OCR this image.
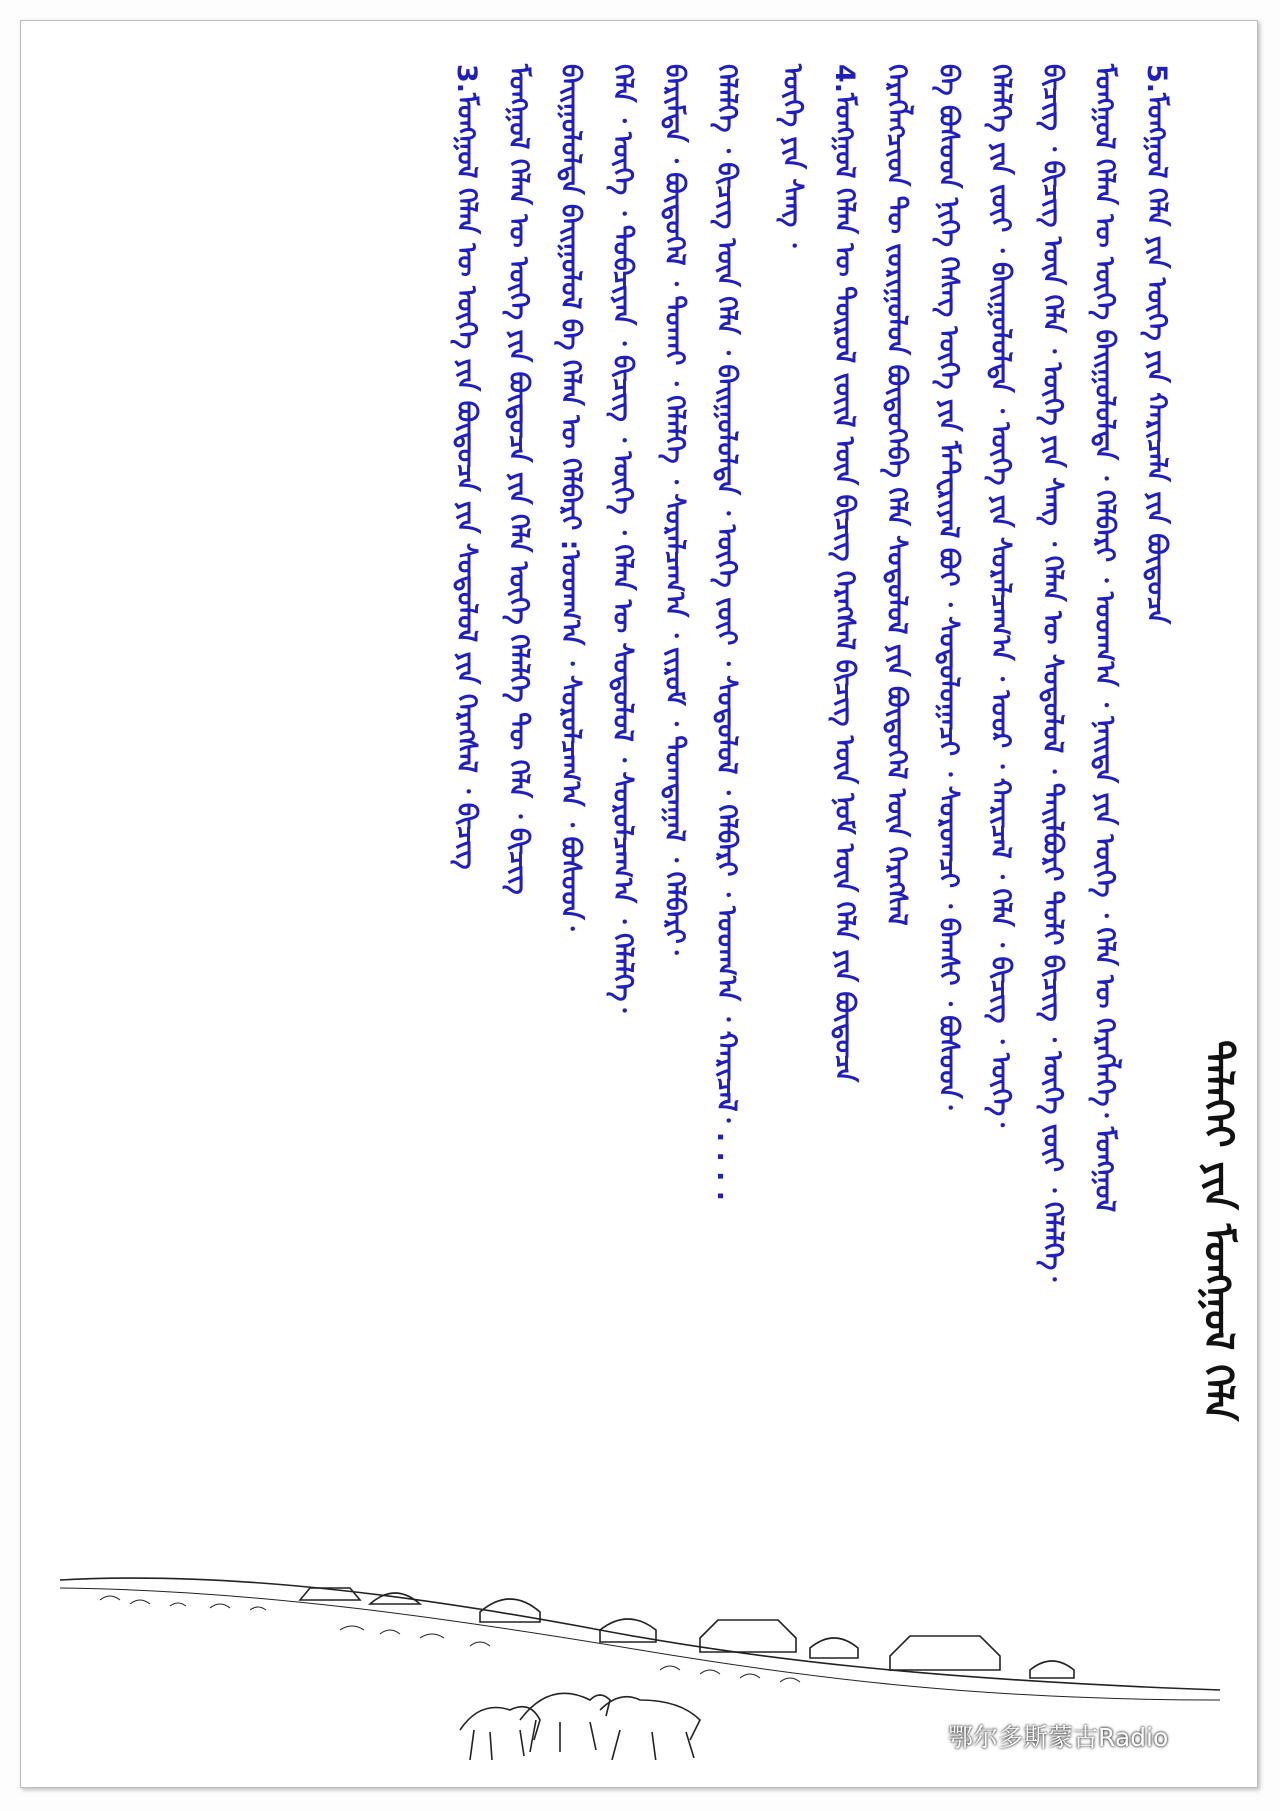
5.ᠮᠣᠩᠭ᠋ᠣᠯ ᠬᠡᠯᠡ ᠶᠢᠨ ᠦᠭᠡ ᠶᠢᠨ ᠬᠠᠷᠢᠴᠠᠯᠠ ᠶᠢᠨ ᠪᠦᠲᠦᠴᠡ
ᠮᠣᠩᠭ᠋ᠣᠯ ᠬᠡᠯᠡᠨ ᠦ ᠦᠭᠡ ᠪᠠᠢᠭᠤᠯᠤᠯᠲᠠ ᠂ ᠬᠡᠯᠪᠡᠷᠢ ᠂ ᠤᠳᠬ᠎ᠠ ᠂ ᠨᠡᠢᠲᠡ ᠶᠢᠨ ᠦᠭᠡ ᠂ ᠬᠡᠯᠡ ᠦ ᠬᠡᠷᠡᠭᠯᠡᠭᠡ᠂ ᠮᠣᠩᠭ᠋ᠣᠯ
ᠪᠢᠴᠢᠭ ᠂ ᠪᠢᠴᠢᠭ᠌ ᠦᠨ ᠬᠡᠯᠡ ᠂ ᠦᠭᠡ ᠶᠢᠨ ᠰᠠᠩ ᠂ ᠬᠡᠯᠡᠨ ᠦ ᠰᠤᠳᠤᠯᠤᠯ ᠂ ᠲᠠᠢᠯᠪᠤᠷᠢ ᠳᠣᠯᠢ ᠪᠢᠴᠢᠭ ᠂ ᠦᠭᠡ ᠵᠦᠢ ᠂ ᠬᠡᠯᠡᠯᠭᠡ᠂
ᠬᠡᠯᠡᠯᠭᠡ ᠶᠢᠨ ᠵᠦᠢ ᠂ ᠪᠠᠢᠭᠤᠯᠤᠯᠲᠠ ᠂ ᠦᠭᠡ ᠶᠢᠨ ᠰᠤᠷᠠᠯᠴᠠᠭ᠎ᠠ ᠂ ᠤᠤᠷ ᠂ ᠬᠠᠷᠢᠴᠠᠯ ᠂ ᠬᠡᠯᠡ ᠂ ᠪᠢᠴᠢᠭ ᠂ ᠦᠭᠡ᠂
ᠪᠠ ᠪᠤᠰᠤᠳ ᠨᠢᠭᠡ ᠬᠡᠰᠡᠭ ᠦᠭᠡ ᠶᠢᠨ ᠮᠠᠲ᠋ᠧᠷᠢᠶᠠᠯ ᠪᠤᠢ ᠂ ᠰᠤᠳᠤᠯᠤᠭᠠᠴᠢ ᠂ ᠰᠤᠷᠤᠭᠴᠢ ᠂ ᠪᠠᠭᠰᠢ ᠂ ᠪᠤᠰᠤᠳ᠂
ᠬᠡᠷᠡᠭᠯᠡᠭᠴᠢᠳ ᠲᠦ ᠵᠤᠷᠢᠭᠤᠯᠤᠨ ᠪᠦᠲᠦᠭᠡᠪᠡ ᠬᠡᠯᠡ ᠰᠤᠳᠤᠯᠤᠯ ᠶᠢᠨ ᠪᠦᠲᠦᠭᠡᠯ ᠦᠨ ᠬᠡᠷᠡᠭᠰᠡᠯ
4.ᠮᠣᠩᠭ᠋ᠣᠯ ᠬᠡᠯᠡᠨ ᠦ ᠲᠦᠷᠦᠯ ᠵᠦᠢᠯ ᠦᠨ ᠪᠢᠴᠢᠭ ᠬᠡᠷᠡᠭᠰᠡᠯ ᠪᠢᠴᠢᠭ᠌ ᠦᠨ ᠨᠣᠮ ᠦᠨ ᠬᠡᠯᠡ ᠶᠢᠨ ᠪᠦᠲᠦᠴᠡ
ᠦᠭᠡ ᠶᠢᠨ ᠰᠠᠩ ᠂
ᠬᠡᠯᠡᠯᠭᠡ ᠂ ᠪᠢᠴᠢᠭ᠌ ᠦᠨ ᠬᠡᠯᠡ ᠂ ᠪᠠᠢᠭᠤᠯᠤᠯᠲᠠ ᠂ ᠦᠭᠡ ᠵᠦᠢ ᠂ ᠰᠤᠳᠤᠯᠤᠯ ᠂ ᠬᠡᠯᠪᠡᠷᠢ ᠂ ᠤᠳᠬ᠎ᠠ ᠂ ᠬᠠᠷᠢᠴᠠᠯ᠂ . . . .
ᠪᠠᠷᠢᠮᠲᠠ ᠂ ᠪᠦᠲᠦᠭᠡᠯ ᠂ ᠲᠤᠬᠠᠢ ᠂ ᠬᠡᠯᠡᠯᠭᠡ ᠂ ᠰᠤᠷᠠᠯᠴᠠᠭ᠎ᠠ ᠂ ᠵᠢᠷᠤᠮ ᠂ ᠲᠣᠭᠲᠠᠭᠠᠯ ᠂ ᠬᠡᠯᠪᠡᠷᠢ᠂
ᠬᠡᠯᠡ ᠂ ᠦᠭᠡ ᠂ ᠲᠣᠪᠴᠢᠶᠠᠨ ᠂ ᠪᠢᠴᠢᠭ ᠂ ᠦᠭᠡ ᠂ ᠬᠡᠯᠡᠨ ᠦ ᠰᠤᠳᠤᠯᠤᠯ ᠂ ᠰᠤᠷᠤᠯᠴᠠᠭ᠎ᠠ ᠂ ᠬᠡᠯᠡᠯᠭᠡ᠂
ᠪᠠᠢᠭᠤᠯᠤᠯᠲᠠ ᠪᠠᠢᠭᠤᠯᠤᠯ ᠪᠠ ᠬᠡᠯᠡᠨ ᠦ ᠬᠡᠯᠪᠡᠷᠢ :ᠤᠳᠬ᠎ᠠ ᠂ ᠰᠤᠷᠤᠯᠴᠠᠭ᠎ᠠ ᠂ ᠪᠤᠰᠤᠳ᠂
ᠮᠣᠩᠭ᠋ᠣᠯ ᠬᠡᠯᠡᠨ ᠦ ᠦᠭᠡ ᠶᠢᠨ ᠪᠦᠲᠦᠴᠡ ᠶᠢᠨ ᠬᠡᠯᠡ ᠦᠭᠡ ᠬᠡᠯᠡᠯᠭᠡ ᠲᠦ ᠬᠡᠯᠡ ᠂ ᠪᠢᠴᠢᠭ᠌
3.ᠮᠣᠩᠭ᠋ᠣᠯ ᠬᠡᠯᠡᠨ ᠦ ᠦᠭᠡ ᠶᠢᠨ ᠪᠦᠲᠦᠴᠡ ᠶᠢᠨ ᠰᠤᠳᠤᠯᠤᠯ ᠶᠢᠨ ᠬᠡᠷᠡᠭᠰᠡᠯ ᠂ ᠪᠢᠴᠢᠭ᠌
ᠳᠡᠯᠡᠬᠡᠢ ᠶᠢᠨ ᠮᠣᠩᠭ᠋ᠣᠯ ᠬᠡᠯᠡ
鄂尔多斯蒙古Radio
